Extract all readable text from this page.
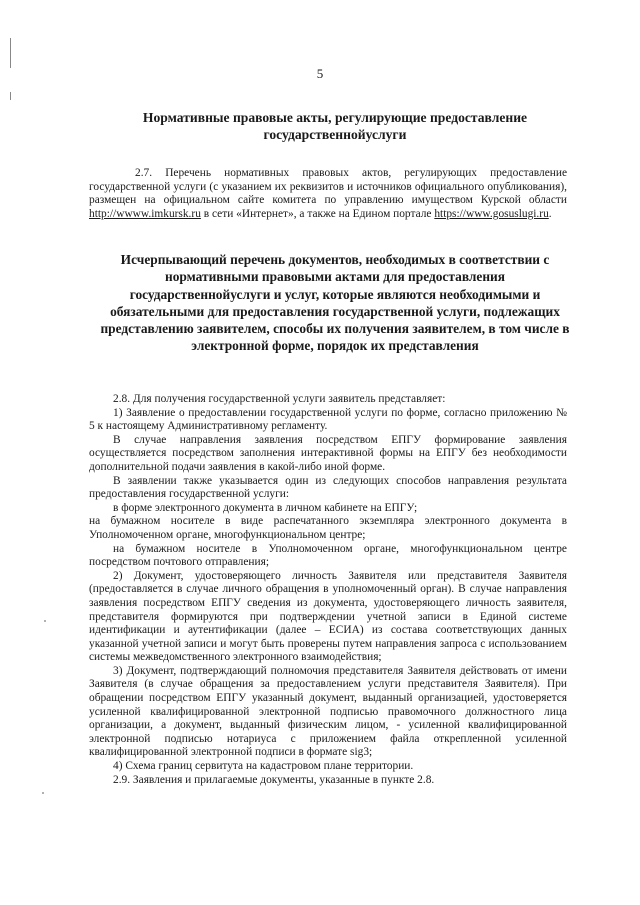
5
Нормативные правовые акты, регулирующие предоставление государственнойуслуги

2.7. Перечень нормативных правовых актов, регулирующих предоставление государственной услуги (с указанием их реквизитов и источников официального опубликования), размещен на официальном сайте комитета по управлению имуществом Курской области http://wwww.imkursk.ru в сети «Интернет», а также на Едином портале https://www.gosuslugi.ru.

Исчерпывающий перечень документов, необходимых в соответствии с нормативными правовыми актами для предоставления государственнойуслуги и услуг, которые являются необходимыми и обязательными для предоставления государственной услуги, подлежащих представлению заявителем, способы их получения заявителем, в том числе в электронной форме, порядок их представления

2.8. Для получения государственной услуги заявитель представляет:

1) Заявление о предоставлении государственной услуги по форме, согласно приложению № 5 к настоящему Административному регламенту.

В случае направления заявления посредством ЕПГУ формирование заявления осуществляется посредством заполнения интерактивной формы на ЕПГУ без необходимости дополнительной подачи заявления в какой-либо иной форме.

В заявлении также указывается один из следующих способов направления результата предоставления государственной услуги:

в форме электронного документа в личном кабинете на ЕПГУ;

на бумажном носителе в виде распечатанного экземпляра электронного документа в Уполномоченном органе, многофункциональном центре;

на бумажном носителе в Уполномоченном органе, многофункциональном центре посредством почтового отправления;

2) Документ, удостоверяющего личность Заявителя или представителя Заявителя (предоставляется в случае личного обращения в уполномоченный орган). В случае направления заявления посредством ЕПГУ сведения из документа, удостоверяющего личность заявителя, представителя формируются при подтверждении учетной записи в Единой системе идентификации и аутентификации (далее – ЕСИА) из состава соответствующих данных указанной учетной записи и могут быть проверены путем направления запроса с использованием системы межведомственного электронного взаимодействия;

3) Документ, подтверждающий полномочия представителя Заявителя действовать от имени Заявителя (в случае обращения за предоставлением услуги представителя Заявителя). При обращении посредством ЕПГУ указанный документ, выданный организацией, удостоверяется усиленной квалифицированной электронной подписью правомочного должностного лица организации, а документ, выданный физическим лицом, - усиленной квалифицированной электронной подписью нотариуса с приложением файла открепленной усиленной квалифицированной электронной подписи в формате sig3;

4) Схема границ сервитута на кадастровом плане территории.

2.9. Заявления и прилагаемые документы, указанные в пункте 2.8.
